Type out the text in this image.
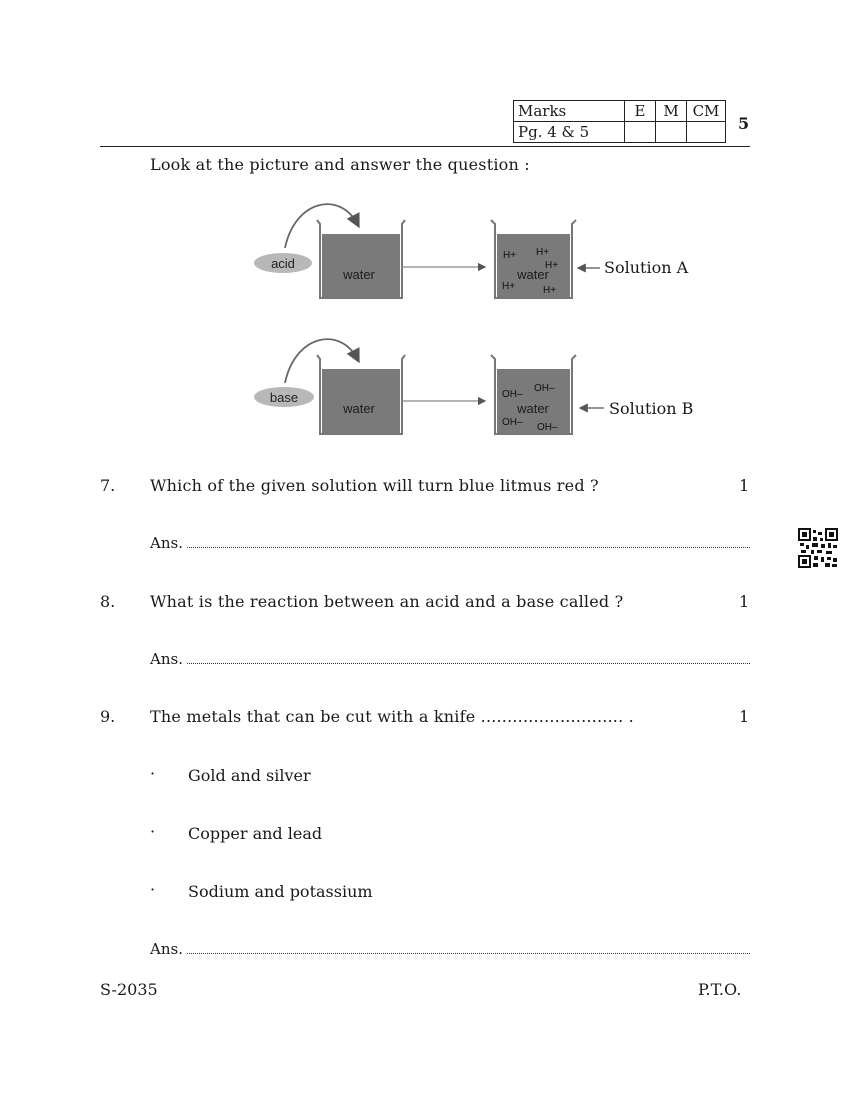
Marks	E	M	CM
Pg. 4 & 5				5
Look at the picture and answer the question :
acid
water
H+ H+
H+
water
H+	H+
Solution A
base
water
OH–
OH–
water
OH– OH–
Solution B
7. Which of the given solution will turn blue litmus red ?	1
Ans.
8. What is the reaction between an acid and a base called ?	1
Ans.
9. The metals that can be cut with a knife ........................... .	1
· Gold and silver
· Copper and lead
· Sodium and potassium
Ans.
S-2035	P.T.O.
